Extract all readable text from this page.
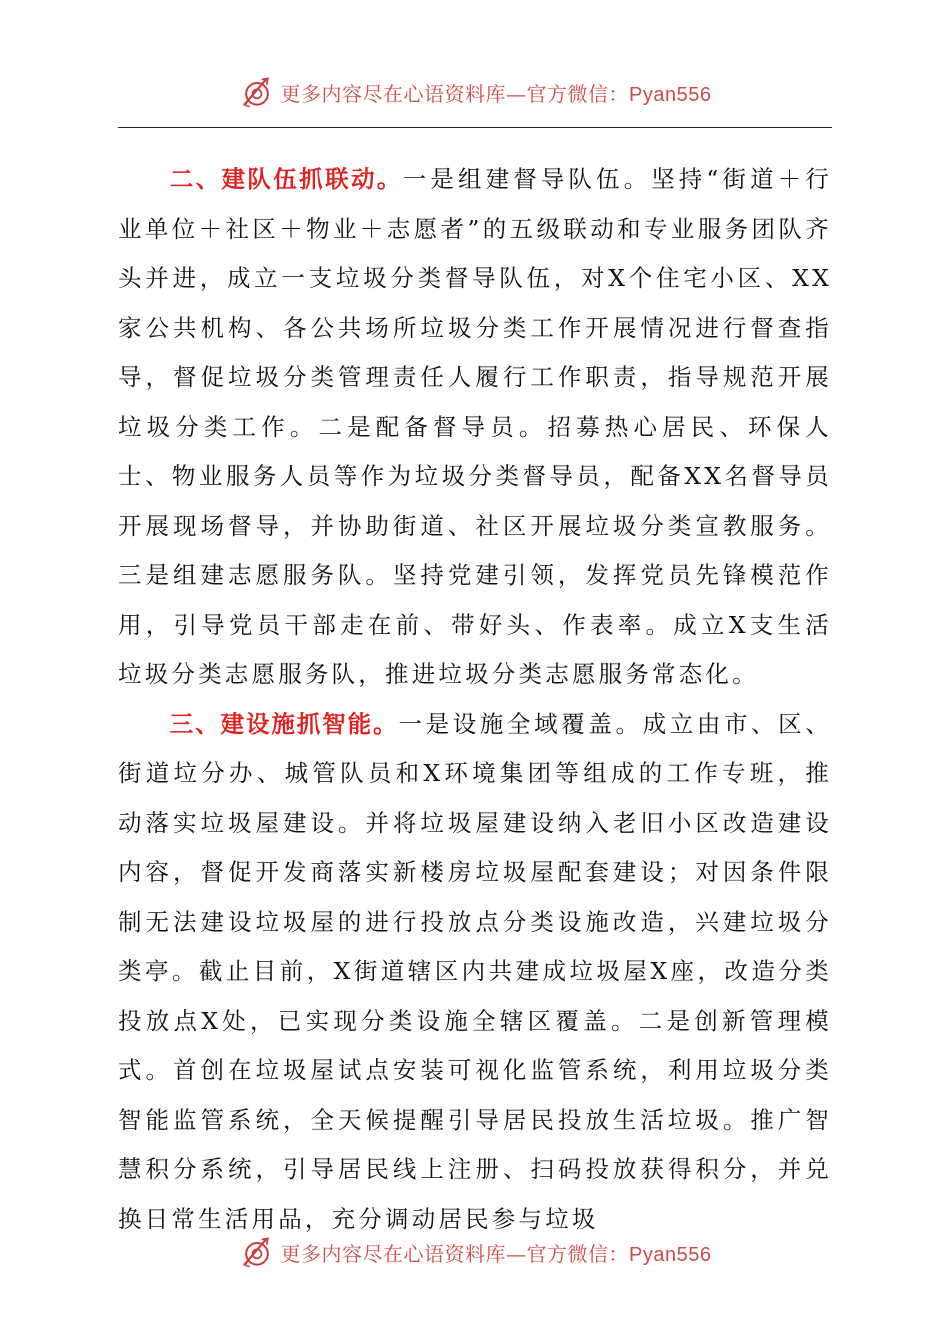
更多内容尽在心语资料库—官方微信：Pyan556

二、建队伍抓联动。一是组建督导队伍。坚持“街道＋行业单位＋社区＋物业＋志愿者”的五级联动和专业服务团队齐头并进，成立一支垃圾分类督导队伍，对X个住宅小区、XX家公共机构、各公共场所垃圾分类工作开展情况进行督查指导，督促垃圾分类管理责任人履行工作职责，指导规范开展垃圾分类工作。二是配备督导员。招募热心居民、环保人士、物业服务人员等作为垃圾分类督导员，配备XX名督导员开展现场督导，并协助街道、社区开展垃圾分类宣教服务。三是组建志愿服务队。坚持党建引领，发挥党员先锋模范作用，引导党员干部走在前、带好头、作表率。成立X支生活垃圾分类志愿服务队，推进垃圾分类志愿服务常态化。

三、建设施抓智能。一是设施全域覆盖。成立由市、区、街道垃分办、城管队员和X环境集团等组成的工作专班，推动落实垃圾屋建设。并将垃圾屋建设纳入老旧小区改造建设内容，督促开发商落实新楼房垃圾屋配套建设；对因条件限制无法建设垃圾屋的进行投放点分类设施改造，兴建垃圾分类亭。截止目前，X街道辖区内共建成垃圾屋X座，改造分类投放点X处，已实现分类设施全辖区覆盖。二是创新管理模式。首创在垃圾屋试点安装可视化监管系统，利用垃圾分类智能监管系统，全天候提醒引导居民投放生活垃圾。推广智慧积分系统，引导居民线上注册、扫码投放获得积分，并兑换日常生活用品，充分调动居民参与垃圾

更多内容尽在心语资料库—官方微信：Pyan556
